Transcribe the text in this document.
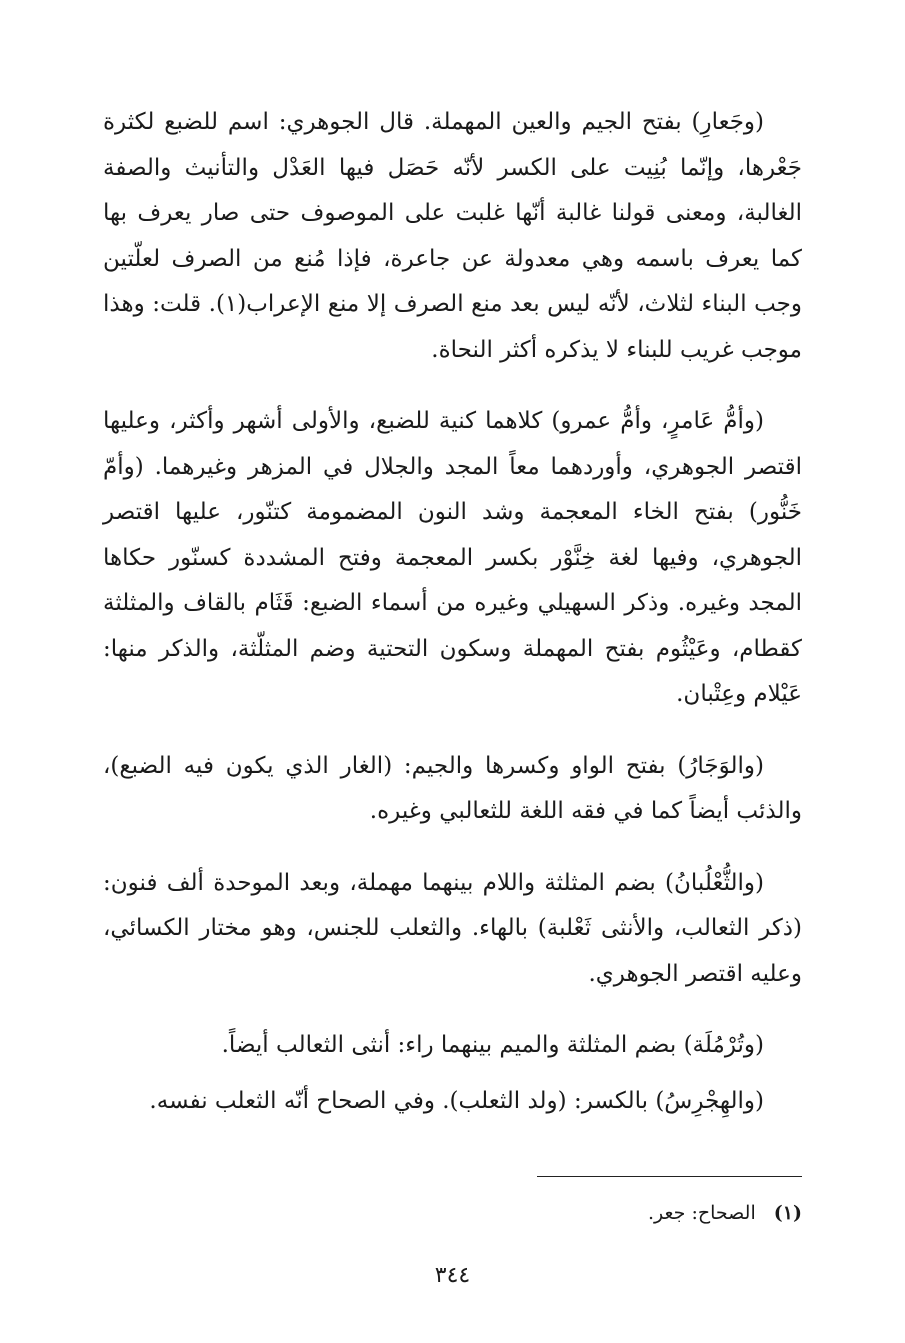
(وجَعارِ) بفتح الجيم والعين المهملة. قال الجوهري: اسم للضبع لكثرة جَعْرها، وإنّما بُنِيت على الكسر لأنّه حَصَل فيها العَدْل والتأنيث والصفة الغالبة، ومعنى قولنا غالبة أنّها غلبت على الموصوف حتى صار يعرف بها كما يعرف باسمه وهي معدولة عن جاعرة، فإذا مُنع من الصرف لعلّتين وجب البناء لثلاث، لأنّه ليس بعد منع الصرف إلا منع الإعراب(١). قلت: وهذا موجب غريب للبناء لا يذكره أكثر النحاة.

(وأمُّ عَامرٍ، وأمُّ عمرو) كلاهما كنية للضبع، والأولى أشهر وأكثر، وعليها اقتصر الجوهري، وأوردهما معاً المجد والجلال في المزهر وغيرهما. (وأمّ خَنُّور) بفتح الخاء المعجمة وشد النون المضمومة كتنّور، عليها اقتصر الجوهري، وفيها لغة خِنَّوْر بكسر المعجمة وفتح المشددة كسنّور حكاها المجد وغيره. وذكر السهيلي وغيره من أسماء الضبع: قَثَام بالقاف والمثلثة كقطام، وعَيْثُوم بفتح المهملة وسكون التحتية وضم المثلّثة، والذكر منها: عَيْلام وعِتْبان.

(والوَجَارُ) بفتح الواو وكسرها والجيم: (الغار الذي يكون فيه الضبع)، والذئب أيضاً كما في فقه اللغة للثعالبي وغيره.

(والثُّعْلُبانُ) بضم المثلثة واللام بينهما مهملة، وبعد الموحدة ألف فنون: (ذكر الثعالب، والأنثى ثَعْلبة) بالهاء. والثعلب للجنس، وهو مختار الكسائي، وعليه اقتصر الجوهري.

(وتُرْمُلَة) بضم المثلثة والميم بينهما راء: أنثى الثعالب أيضاً.

(والهِجْرِسُ) بالكسر: (ولد الثعلب). وفي الصحاح أنّه الثعلب نفسه.

(١) الصحاح: جعر.
٣٤٤
